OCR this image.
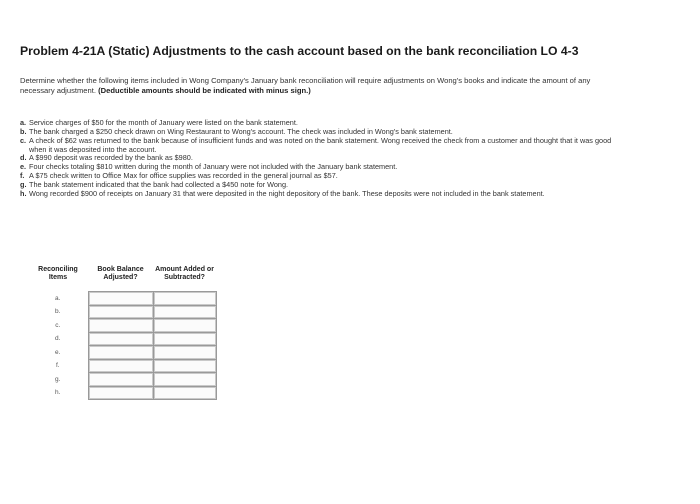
Problem 4-21A (Static) Adjustments to the cash account based on the bank reconciliation LO 4-3
Determine whether the following items included in Wong Company's January bank reconciliation will require adjustments on Wong's books and indicate the amount of any necessary adjustment. (Deductible amounts should be indicated with minus sign.)
a. Service charges of $50 for the month of January were listed on the bank statement.
b. The bank charged a $250 check drawn on Wing Restaurant to Wong's account. The check was included in Wong's bank statement.
c. A check of $62 was returned to the bank because of insufficient funds and was noted on the bank statement. Wong received the check from a customer and thought that it was good when it was deposited into the account.
d. A $990 deposit was recorded by the bank as $980.
e. Four checks totaling $810 written during the month of January were not included with the January bank statement.
f. A $75 check written to Office Max for office supplies was recorded in the general journal as $57.
g. The bank statement indicated that the bank had collected a $450 note for Wong.
h. Wong recorded $900 of receipts on January 31 that were deposited in the night depository of the bank. These deposits were not included in the bank statement.
Reconciling Items	Book Balance Adjusted?	Amount Added or Subtracted?
a.	

b.	

c.	

d.	

e.	

f.	

g.	

h.	
